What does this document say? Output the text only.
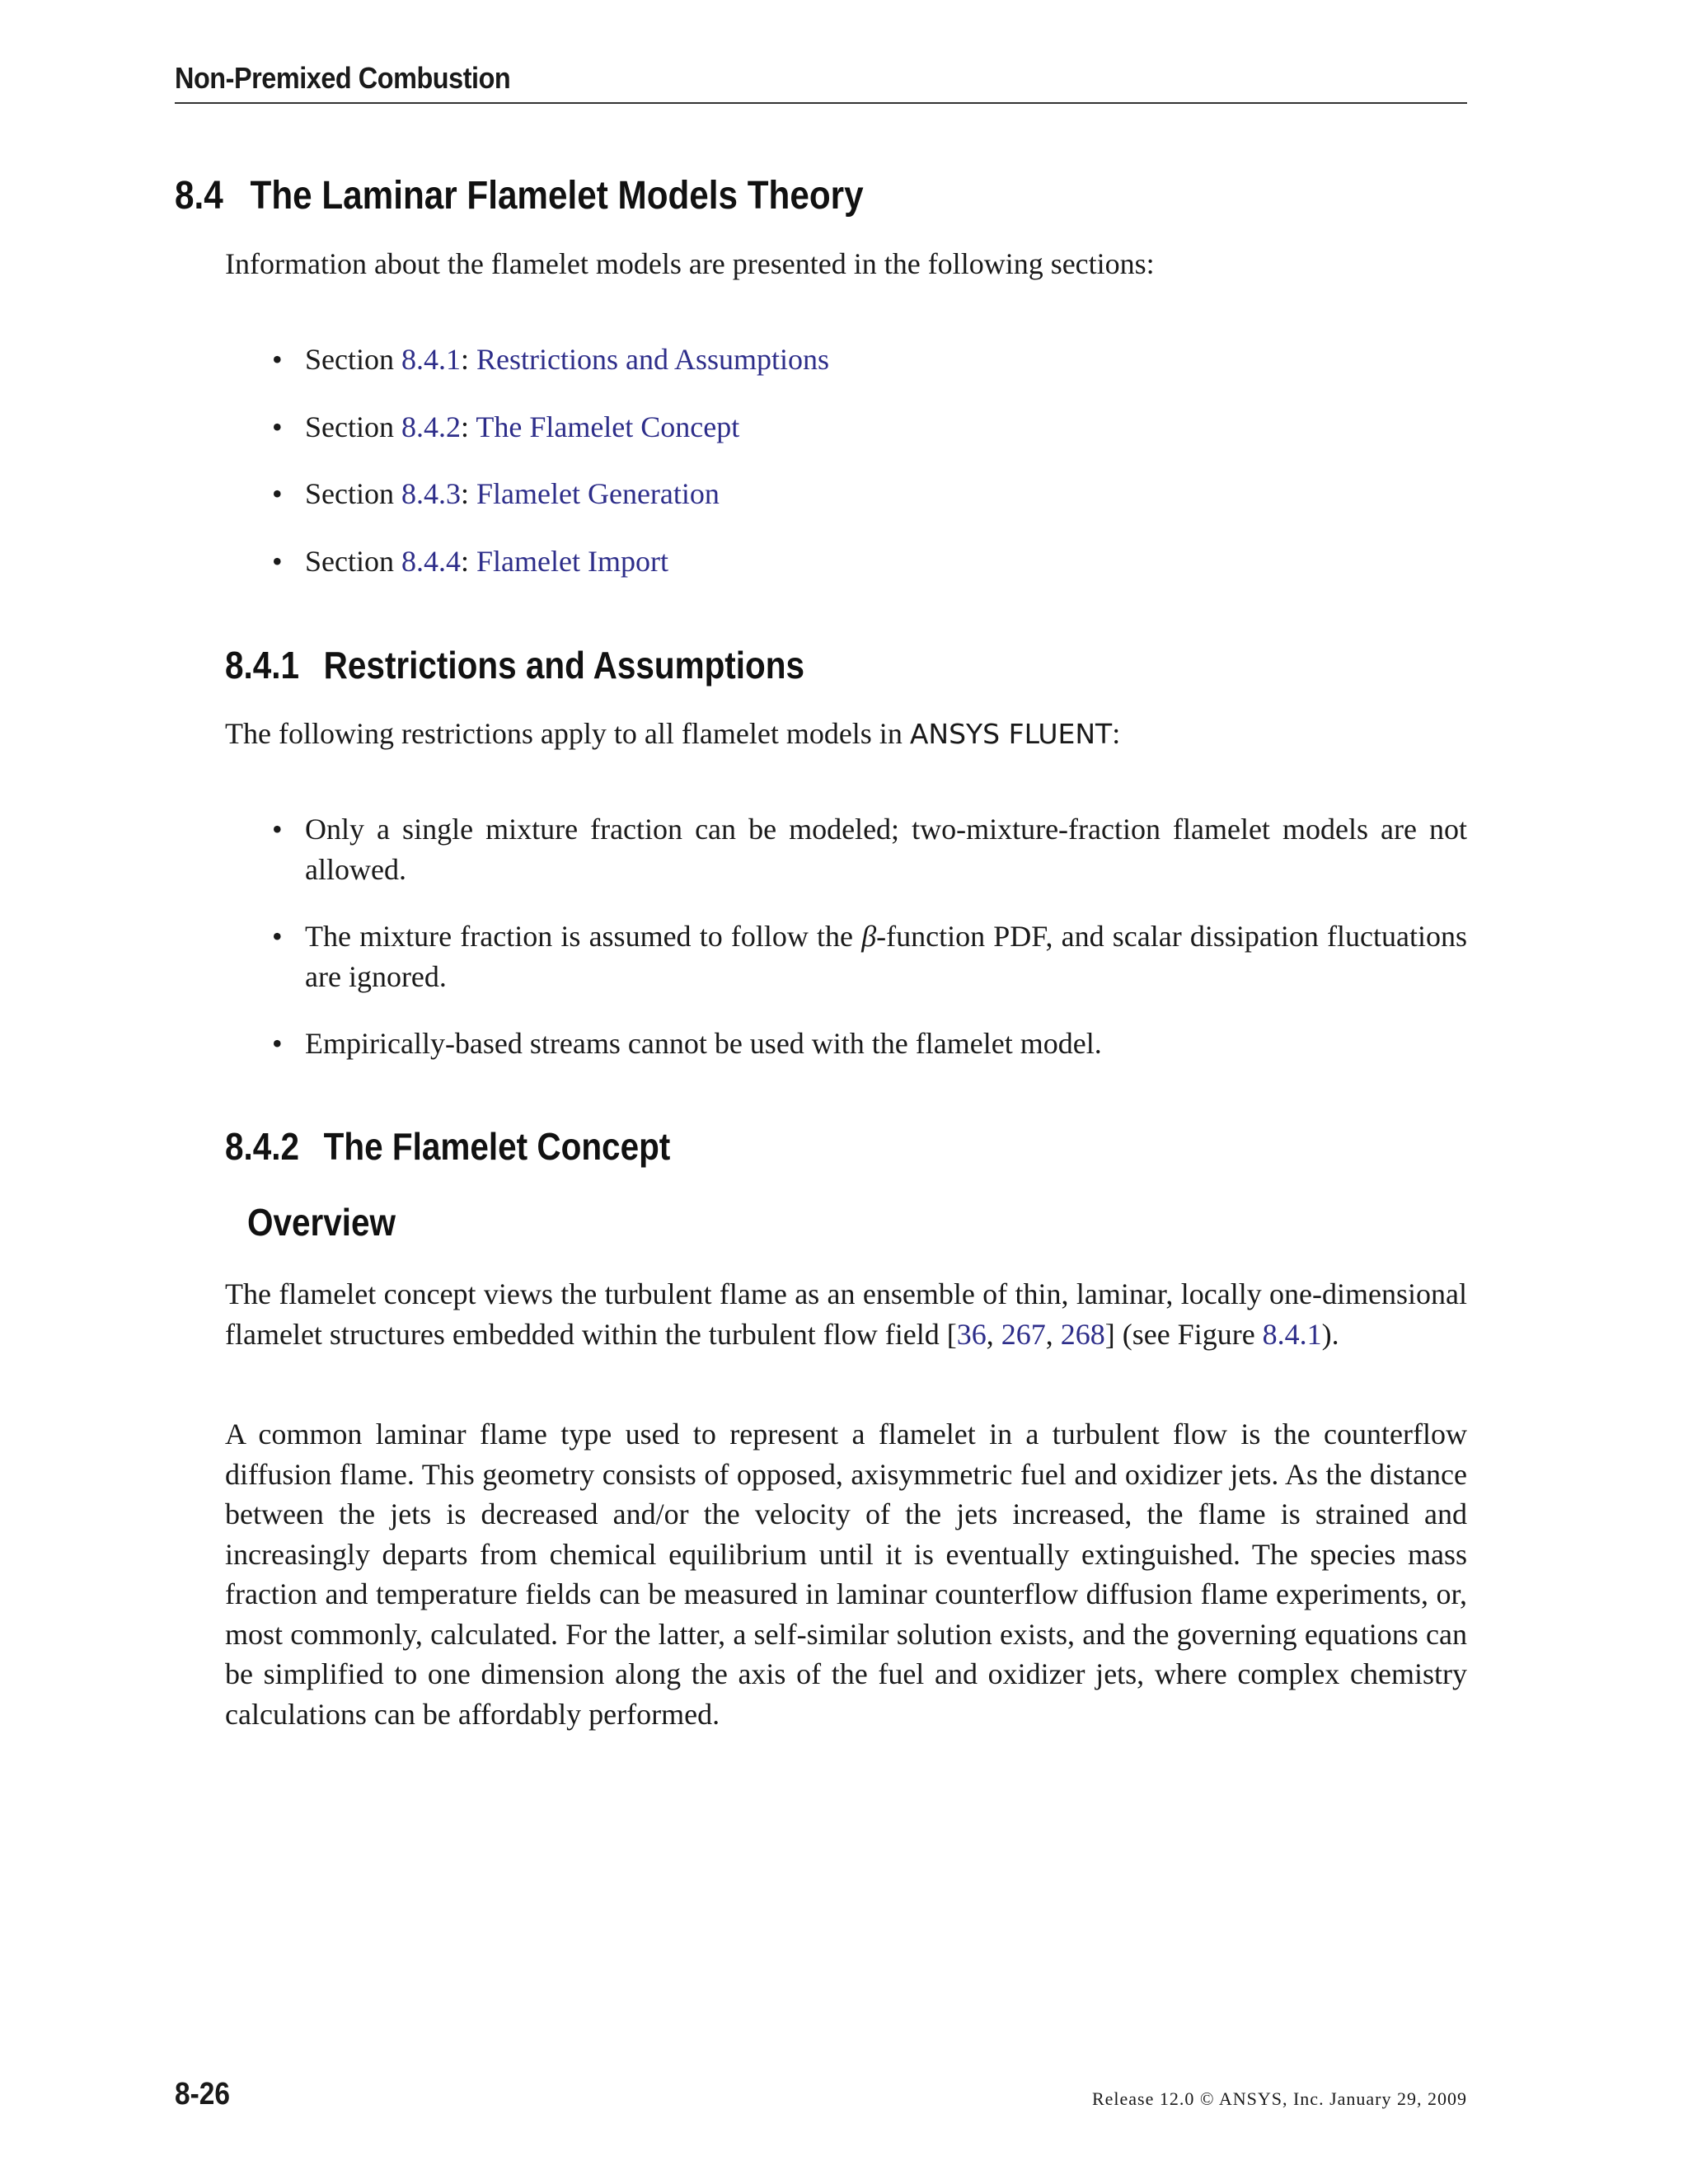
Non-Premixed Combustion
8.4 The Laminar Flamelet Models Theory
Information about the flamelet models are presented in the following sections:
• Section 8.4.1: Restrictions and Assumptions
• Section 8.4.2: The Flamelet Concept
• Section 8.4.3: Flamelet Generation
• Section 8.4.4: Flamelet Import
8.4.1 Restrictions and Assumptions
The following restrictions apply to all flamelet models in ANSYS FLUENT:
• Only a single mixture fraction can be modeled; two-mixture-fraction flamelet models are not allowed.
• The mixture fraction is assumed to follow the β-function PDF, and scalar dissipation fluctuations are ignored.
• Empirically-based streams cannot be used with the flamelet model.
8.4.2 The Flamelet Concept
Overview
The flamelet concept views the turbulent flame as an ensemble of thin, laminar, locally one-dimensional flamelet structures embedded within the turbulent flow field [36, 267, 268] (see Figure 8.4.1).
A common laminar flame type used to represent a flamelet in a turbulent flow is the counterflow diffusion flame. This geometry consists of opposed, axisymmetric fuel and oxidizer jets. As the distance between the jets is decreased and/or the velocity of the jets increased, the flame is strained and increasingly departs from chemical equilibrium until it is eventually extinguished. The species mass fraction and temperature fields can be measured in laminar counterflow diffusion flame experiments, or, most commonly, calculated. For the latter, a self-similar solution exists, and the governing equations can be simplified to one dimension along the axis of the fuel and oxidizer jets, where complex chemistry calculations can be affordably performed.
8-26	Release 12.0 © ANSYS, Inc. January 29, 2009
